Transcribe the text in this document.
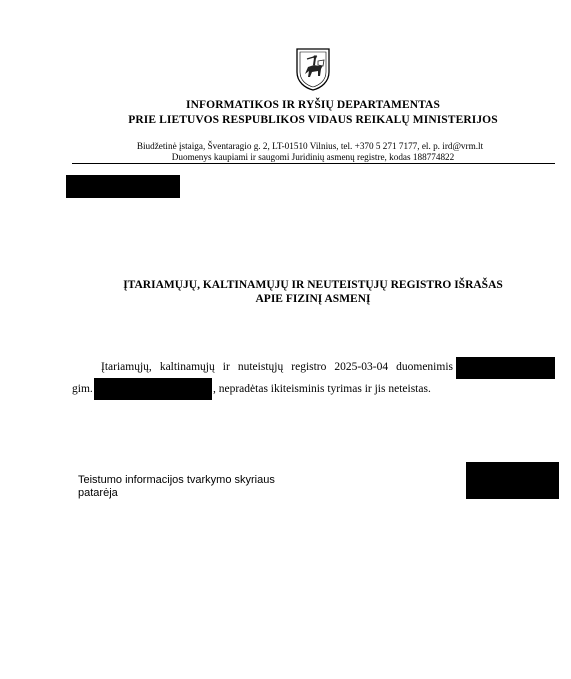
INFORMATIKOS IR RYŠIŲ DEPARTAMENTAS
PRIE LIETUVOS RESPUBLIKOS VIDAUS REIKALŲ MINISTERIJOS
Biudžetinė įstaiga, Šventaragio g. 2, LT-01510 Vilnius, tel. +370 5 271 7177, el. p. ird@vrm.lt
Duomenys kaupiami ir saugomi Juridinių asmenų registre, kodas 188774822
ĮTARIAMŲJŲ, KALTINAMŲJŲ IR NEUTEISTŲJŲ REGISTRO IŠRAŠAS
APIE FIZINĮ ASMENĮ
Įtariamųjų, kaltinamųjų ir nuteistųjų registro 2025-03-04 duomenimis
gim.	, nepradėtas ikiteisminis tyrimas ir jis neteistas.
Teistumo informacijos tvarkymo skyriaus
patarėja
